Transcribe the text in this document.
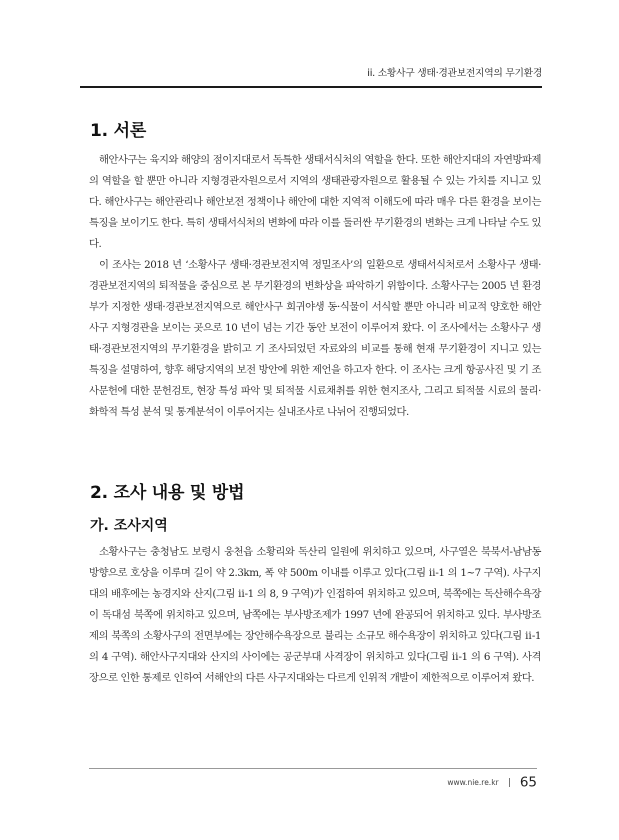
ii. 소황사구 생태·경관보전지역의 무기환경
1. 서론

해안사구는 육지와 해양의 점이지대로서 독특한 생태서식처의 역할을 한다. 또한 해안지대의 자연방파제의 역할을 할 뿐만 아니라 지형경관자원으로서 지역의 생태관광자원으로 활용될 수 있는 가치를 지니고 있다. 해안사구는 해안관리나 해안보전 정책이나 해안에 대한 지역적 이해도에 따라 매우 다른 환경을 보이는 특징을 보이기도 한다. 특히 생태서식처의 변화에 따라 이를 둘러싼 무기환경의 변화는 크게 나타날 수도 있다.

이 조사는 2018 년 ‘소황사구 생태·경관보전지역 정밀조사’의 일환으로 생태서식처로서 소황사구 생태·경관보전지역의 퇴적물을 중심으로 본 무기환경의 변화상을 파악하기 위함이다. 소황사구는 2005 년 환경부가 지정한 생태·경관보전지역으로 해안사구 희귀야생 동·식물이 서식할 뿐만 아니라 비교적 양호한 해안사구 지형경관을 보이는 곳으로 10 년이 넘는 기간 동안 보전이 이루어져 왔다. 이 조사에서는 소황사구 생태·경관보전지역의 무기환경을 밝히고 기 조사되었던 자료와의 비교를 통해 현재 무기환경이 지니고 있는 특징을 설명하여, 향후 해당지역의 보전 방안에 위한 제언을 하고자 한다. 이 조사는 크게 항공사진 및 기 조사문헌에 대한 문헌검토, 현장 특성 파악 및 퇴적물 시료채취를 위한 현지조사, 그리고 퇴적물 시료의 물리·화학적 특성 분석 및 통계분석이 이루어지는 실내조사로 나뉘어 진행되었다.

2. 조사 내용 및 방법
가. 조사지역

소황사구는 충청남도 보령시 웅천읍 소황리와 독산리 일원에 위치하고 있으며, 사구열은 북북서-남남동 방향으로 호상을 이루며 길이 약 2.3km, 폭 약 500m 이내를 이루고 있다(그림 ⅱ-1 의 1~7 구역). 사구지대의 배후에는 농경지와 산지(그림 ⅱ-1 의 8, 9 구역)가 인접하여 위치하고 있으며, 북쪽에는 독산해수욕장이 독대섬 북쪽에 위치하고 있으며, 남쪽에는 부사방조제가 1997 년에 완공되어 위치하고 있다. 부사방조제의 북쪽의 소황사구의 전면부에는 장안해수욕장으로 불리는 소규모 해수욕장이 위치하고 있다(그림 ⅱ-1 의 4 구역). 해안사구지대와 산지의 사이에는 공군부대 사격장이 위치하고 있다(그림 ⅱ-1 의 6 구역). 사격장으로 인한 통제로 인하여 서해안의 다른 사구지대와는 다르게 인위적 개발이 제한적으로 이루어져 왔다.

www.nie.re.kr 65
